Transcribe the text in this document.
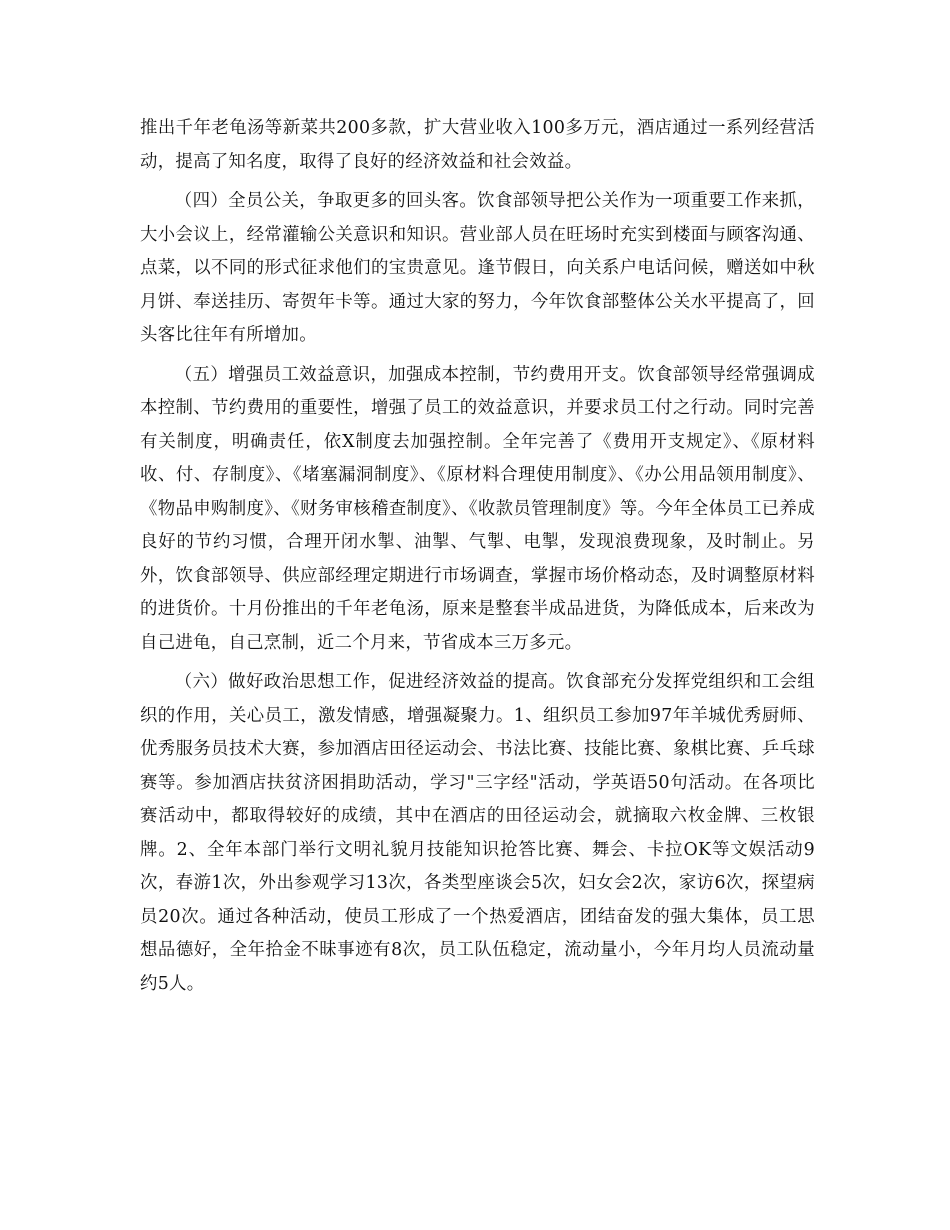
推出千年老龟汤等新菜共200多款，扩大营业收入100多万元，酒店通过一系列经营活动，提高了知名度，取得了良好的经济效益和社会效益。

（四）全员公关，争取更多的回头客。饮食部领导把公关作为一项重要工作来抓，大小会议上，经常灌输公关意识和知识。营业部人员在旺场时充实到楼面与顾客沟通、点菜，以不同的形式征求他们的宝贵意见。逢节假日，向关系户电话问候，赠送如中秋月饼、奉送挂历、寄贺年卡等。通过大家的努力，今年饮食部整体公关水平提高了，回头客比往年有所增加。

（五）增强员工效益意识，加强成本控制，节约费用开支。饮食部领导经常强调成本控制、节约费用的重要性，增强了员工的效益意识，并要求员工付之行动。同时完善有关制度，明确责任，依X制度去加强控制。全年完善了《费用开支规定》、《原材料收、付、存制度》、《堵塞漏洞制度》、《原材料合理使用制度》、《办公用品领用制度》、《物品申购制度》、《财务审核稽查制度》、《收款员管理制度》等。今年全体员工已养成良好的节约习惯，合理开闭水掣、油掣、气掣、电掣，发现浪费现象，及时制止。另外，饮食部领导、供应部经理定期进行市场调查，掌握市场价格动态，及时调整原材料的进货价。十月份推出的千年老龟汤，原来是整套半成品进货，为降低成本，后来改为自己进龟，自己烹制，近二个月来，节省成本三万多元。

（六）做好政治思想工作，促进经济效益的提高。饮食部充分发挥党组织和工会组织的作用，关心员工，激发情感，增强凝聚力。1、组织员工参加97年羊城优秀厨师、优秀服务员技术大赛，参加酒店田径运动会、书法比赛、技能比赛、象棋比赛、乒乓球赛等。参加酒店扶贫济困捐助活动，学习"三字经"活动，学英语50句活动。在各项比赛活动中，都取得较好的成绩，其中在酒店的田径运动会，就摘取六枚金牌、三枚银牌。2、全年本部门举行文明礼貌月技能知识抢答比赛、舞会、卡拉OK等文娱活动9次，春游1次，外出参观学习13次，各类型座谈会5次，妇女会2次，家访6次，探望病员20次。通过各种活动，使员工形成了一个热爱酒店，团结奋发的强大集体，员工思想品德好，全年拾金不昧事迹有8次，员工队伍稳定，流动量小，今年月均人员流动量约5人。
